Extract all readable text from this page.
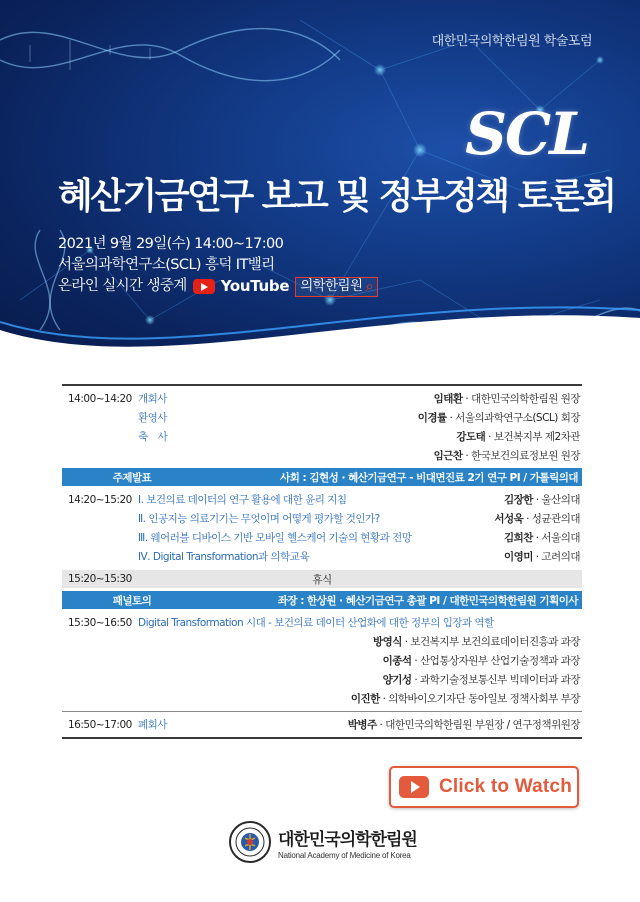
대한민국의학한림원 학술포럼
SCL
혜산기금연구 보고 및 정부정책 토론회
2021년 9월 29일(수) 14:00~17:00
서울의과학연구소(SCL) 흥덕 IT밸리
온라인 실시간 생중계 YouTube 의학한림원 ⌕
14:00~14:20 개회사	임태환 · 대한민국의학한림원 원장
환영사	이경률 · 서울의과학연구소(SCL) 회장
축　사	강도태 · 보건복지부 제2차관
임근찬 · 한국보건의료정보원 원장
주제발표	사회 : 김현성 · 혜산기금연구 - 비대면진료 2기 연구 PI / 가톨릭의대
14:20~15:20 Ⅰ. 보건의료 데이터의 연구 활용에 대한 윤리 지침	김장한 · 울산의대
Ⅱ. 인공지능 의료기기는 무엇이며 어떻게 평가할 것인가?	서성욱 · 성균관의대
Ⅲ. 웨어러블 디바이스 기반 모바일 헬스케어 기술의 현황과 전망	김희찬 · 서울의대
Ⅳ. Digital Transformation과 의학교육	이영미 · 고려의대
15:20~15:30	휴식
패널토의	좌장 : 한상원 · 혜산기금연구 총괄 PI / 대한민국의학한림원 기획이사
15:30~16:50 Digital Transformation 시대 - 보건의료 데이터 산업화에 대한 정부의 입장과 역할
방영식 · 보건복지부 보건의료데이터진흥과 과장
이종석 · 산업통상자원부 산업기술정책과 과장
양기성 · 과학기술정보통신부 빅데이터과 과장
이진한 · 의학바이오기자단 동아일보 정책사회부 부장
16:50~17:00 폐회사	박병주 · 대한민국의학한림원 부원장 / 연구정책위원장
Click to Watch
대한민국의학한림원
National Academy of Medicine of Korea
